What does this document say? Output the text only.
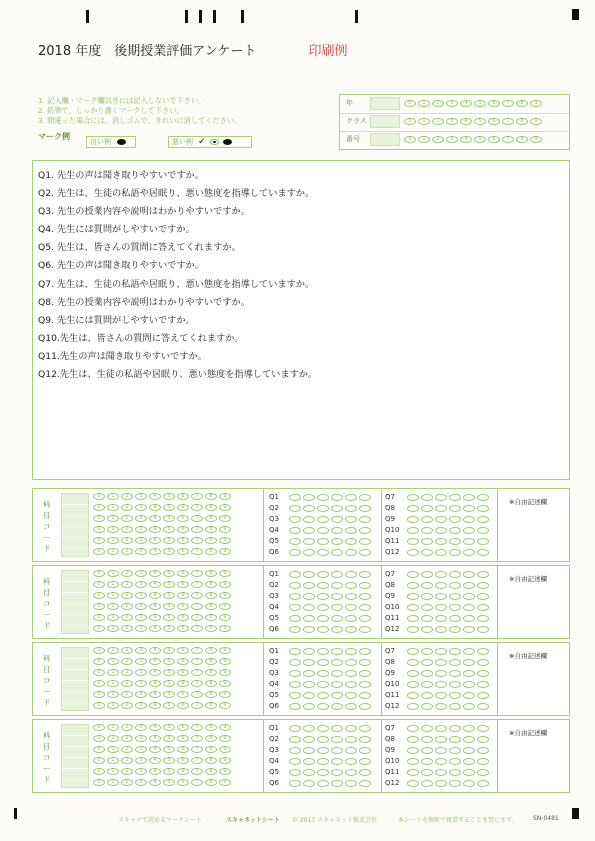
2018 年度　後期授業評価アンケート	印刷例
1. 記入欄・マーク欄以外には記入しないで下さい。
2. 鉛筆で、しっかり濃くマークして下さい。
3. 間違った場合には、消しゴムで、きれいに消してください。
マーク例
良い例	悪い例 ✓
年	0	1	2	3	4	5	6	7	8	9
クラス	0	1	2	3	4	5	6	7	8	9
番号	0	1	2	3	4	5	6	7	8	9
Q1. 先生の声は聞き取りやすいですか。
Q2. 先生は、生徒の私語や居眠り、悪い態度を指導していますか。
Q3. 先生の授業内容や説明はわかりやすいですか。
Q4. 先生には質問がしやすいですか。
Q5. 先生は、皆さんの質問に答えてくれますか。
Q6. 先生の声は聞き取りやすいですか。
Q7. 先生は、生徒の私語や居眠り、悪い態度を指導していますか。
Q8. 先生の授業内容や説明はわかりやすいですか。
Q9. 先生には質問がしやすいですか。
Q10.先生は、皆さんの質問に答えてくれますか。
Q11.先生の声は聞き取りやすいですか。
Q12.先生は、生徒の私語や居眠り、悪い態度を指導していますか。
科目コード
0	1	2	3	4	5	6	7	8	9
0	1	2	3	4	5	6	7	8	9
0	1	2	3	4	5	6	7	8	9
0	1	2	3	4	5	6	7	8	9
0	1	2	3	4	5	6	7	8	9
0	1	2	3	4	5	6	7	8	9
Q1
Q2
Q3
Q4
Q5
Q6
Q7
Q8
Q9
Q10
Q11
Q12
※自由記述欄
科目コード
0	1	2	3	4	5	6	7	8	9
0	1	2	3	4	5	6	7	8	9
0	1	2	3	4	5	6	7	8	9
0	1	2	3	4	5	6	7	8	9
0	1	2	3	4	5	6	7	8	9
0	1	2	3	4	5	6	7	8	9
Q1
Q2
Q3
Q4
Q5
Q6
Q7
Q8
Q9
Q10
Q11
Q12
※自由記述欄
科目コード
0	1	2	3	4	5	6	7	8	9
0	1	2	3	4	5	6	7	8	9
0	1	2	3	4	5	6	7	8	9
0	1	2	3	4	5	6	7	8	9
0	1	2	3	4	5	6	7	8	9
0	1	2	3	4	5	6	7	8	9
Q1
Q2
Q3
Q4
Q5
Q6
Q7
Q8
Q9
Q10
Q11
Q12
※自由記述欄
科目コード
0	1	2	3	4	5	6	7	8	9
0	1	2	3	4	5	6	7	8	9
0	1	2	3	4	5	6	7	8	9
0	1	2	3	4	5	6	7	8	9
0	1	2	3	4	5	6	7	8	9
0	1	2	3	4	5	6	7	8	9
Q1
Q2
Q3
Q4
Q5
Q6
Q7
Q8
Q9
Q10
Q11
Q12
※自由記述欄
スキャナで読めるマークシート	スキャネットシート © 2017 スキャネット株式会社	本シートを無断で複製することを禁じます。	SN-0481
